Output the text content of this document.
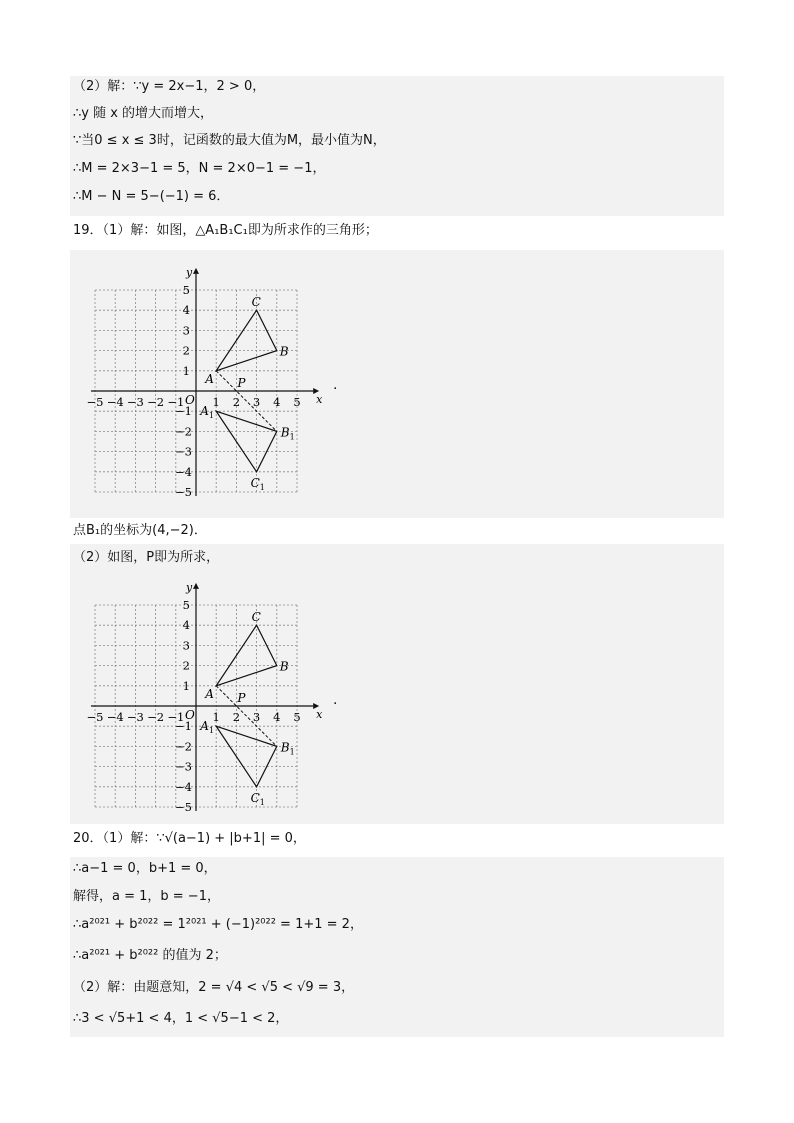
（2）解：∵y = 2x−1，2 > 0，
∴y 随 x 的增大而增大，
∵当0 ≤ x ≤ 3时，记函数的最大值为M，最小值为N，
∴M = 2×3−1 = 5，N = 2×0−1 = −1，
∴M − N = 5−(−1) = 6．
19．（1）解：如图，△A₁B₁C₁即为所求作的三角形；
x
y
O
−5 −4 −3 −2 −1 1 2 3 4 5
5
4
3
2
1
−1
−2
−3
−4
−5
A
B
C
P
$A_1$
$B_1$
$C_1$
.
点B₁的坐标为(4,−2)．
（2）如图，P即为所求，
x
y
O
−5 −4 −3 −2 −1 1 2 3 4 5
5
4
3
2
1
−1
−2
−3
−4
−5
A
B
C
P
$A_1$
$B_1$
$C_1$
.
20．（1）解：∵√(a−1) + |b+1| = 0，
∴a−1 = 0，b+1 = 0，
解得，a = 1，b = −1，
∴a²⁰²¹ + b²⁰²² = 1²⁰²¹ + (−1)²⁰²² = 1+1 = 2，
∴a²⁰²¹ + b²⁰²² 的值为 2；
（2）解：由题意知，2 = √4 < √5 < √9 = 3，
∴3 < √5+1 < 4，1 < √5−1 < 2，
